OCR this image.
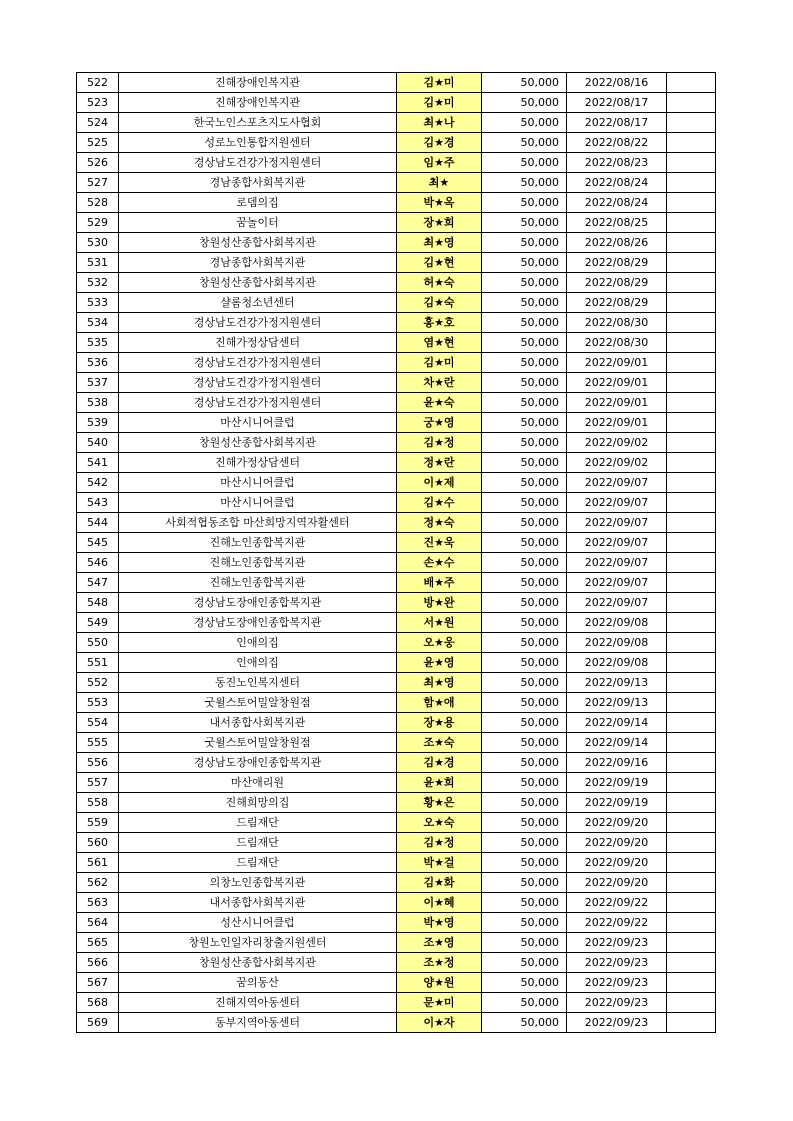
522	진해장애인복지관	김★미	50,000	2022/08/16	
523	진해장애인복지관	김★미	50,000	2022/08/17	
524	한국노인스포츠지도사협회	최★나	50,000	2022/08/17	
525	성로노인통합지원센터	김★경	50,000	2022/08/22	
526	경상남도건강가정지원센터	임★주	50,000	2022/08/23	
527	경남종합사회복지관	최★	50,000	2022/08/24	
528	로뎀의집	박★옥	50,000	2022/08/24	
529	꿈놀이터	장★희	50,000	2022/08/25	
530	창원성산종합사회복지관	최★영	50,000	2022/08/26	
531	경남종합사회복지관	김★현	50,000	2022/08/29	
532	창원성산종합사회복지관	허★숙	50,000	2022/08/29	
533	샬롬청소년센터	김★숙	50,000	2022/08/29	
534	경상남도건강가정지원센터	홍★호	50,000	2022/08/30	
535	진해가정상담센터	염★현	50,000	2022/08/30	
536	경상남도건강가정지원센터	김★미	50,000	2022/09/01	
537	경상남도건강가정지원센터	차★란	50,000	2022/09/01	
538	경상남도건강가정지원센터	윤★숙	50,000	2022/09/01	
539	마산시니어클럽	궁★영	50,000	2022/09/01	
540	창원성산종합사회복지관	김★정	50,000	2022/09/02	
541	진해가정상담센터	정★란	50,000	2022/09/02	
542	마산시니어클럽	이★제	50,000	2022/09/07	
543	마산시니어클럽	김★수	50,000	2022/09/07	
544	사회적협동조합 마산희망지역자활센터	정★숙	50,000	2022/09/07	
545	진해노인종합복지관	진★욱	50,000	2022/09/07	
546	진해노인종합복지관	손★수	50,000	2022/09/07	
547	진해노인종합복지관	배★주	50,000	2022/09/07	
548	경상남도장애인종합복지관	방★완	50,000	2022/09/07	
549	경상남도장애인종합복지관	서★원	50,000	2022/09/08	
550	인애의집	오★웅	50,000	2022/09/08	
551	인애의집	윤★영	50,000	2022/09/08	
552	동진노인복지센터	최★영	50,000	2022/09/13	
553	굿윌스토어밀알창원점	함★애	50,000	2022/09/13	
554	내서종합사회복지관	장★용	50,000	2022/09/14	
555	굿윌스토어밀알창원점	조★숙	50,000	2022/09/14	
556	경상남도장애인종합복지관	김★경	50,000	2022/09/16	
557	마산애리원	윤★희	50,000	2022/09/19	
558	진해희망의집	황★은	50,000	2022/09/19	
559	드림재단	오★숙	50,000	2022/09/20	
560	드림재단	김★정	50,000	2022/09/20	
561	드림재단	박★걸	50,000	2022/09/20	
562	의창노인종합복지관	김★화	50,000	2022/09/20	
563	내서종합사회복지관	이★혜	50,000	2022/09/22	
564	성산시니어클럽	박★영	50,000	2022/09/22	
565	창원노인일자리창출지원센터	조★영	50,000	2022/09/23	
566	창원성산종합사회복지관	조★정	50,000	2022/09/23	
567	꿈의동산	양★원	50,000	2022/09/23	
568	진해지역아동센터	문★미	50,000	2022/09/23	
569	동부지역아동센터	이★자	50,000	2022/09/23	
